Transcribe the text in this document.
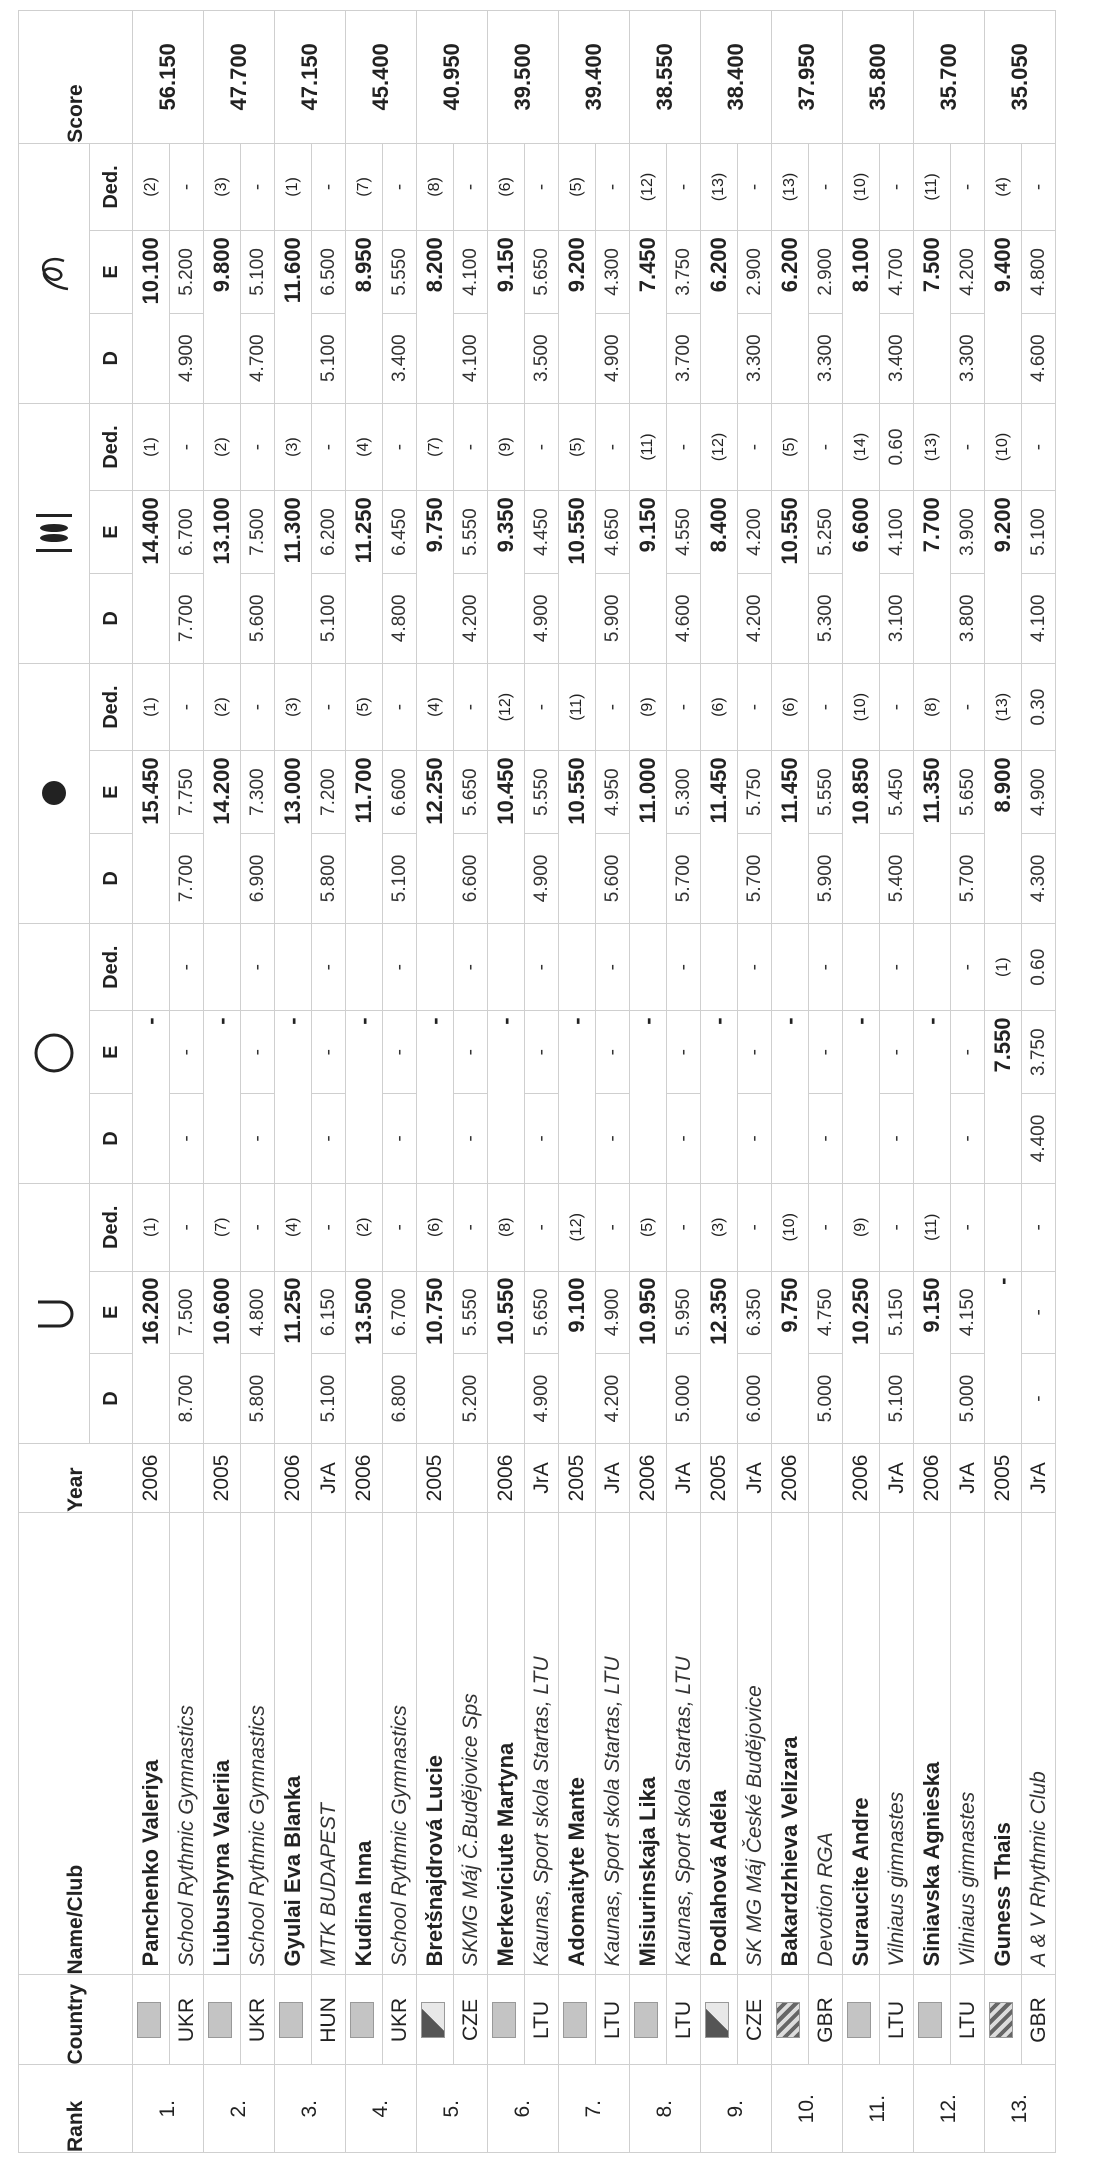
Rank	Country	Name/Club	Year																Score
				D	E	Ded.	D	E	Ded.	D	E	Ded.	D	E	Ded.	D	E	Ded.	
1.		Panchenko Valeriya	2006	16.200		(1)	-			15.450		(1)	14.400		(1)	10.100		(2)	56.150
	UKR	School Rythmic Gymnastics		8.700	7.500	-	-	-	-	7.700	7.750	-	7.700	6.700	-	4.900	5.200	-	
2.		Liubushyna Valeriia	2005	10.600		(7)	-			14.200		(2)	13.100		(2)	9.800		(3)	47.700
	UKR	School Rythmic Gymnastics		5.800	4.800	-	-	-	-	6.900	7.300	-	5.600	7.500	-	4.700	5.100	-	
3.		Gyulai Eva Blanka	2006	11.250		(4)	-			13.000		(3)	11.300		(3)	11.600		(1)	47.150
	HUN	MTK BUDAPEST	JrA	5.100	6.150	-	-	-	-	5.800	7.200	-	5.100	6.200	-	5.100	6.500	-	
4.		Kudina Inna	2006	13.500		(2)	-			11.700		(5)	11.250		(4)	8.950		(7)	45.400
	UKR	School Rythmic Gymnastics		6.800	6.700	-	-	-	-	5.100	6.600	-	4.800	6.450	-	3.400	5.550	-	
5.		Bretšnajdrová Lucie	2005	10.750		(6)	-			12.250		(4)	9.750		(7)	8.200		(8)	40.950
	CZE	SKMG Máj Č.Budějovice Sps		5.200	5.550	-	-	-	-	6.600	5.650	-	4.200	5.550	-	4.100	4.100	-	
6.		Merkeviciute Martyna	2006	10.550		(8)	-			10.450		(12)	9.350		(9)	9.150		(6)	39.500
	LTU	Kaunas, Sport skola Startas, LTU	JrA	4.900	5.650	-	-	-	-	4.900	5.550	-	4.900	4.450	-	3.500	5.650	-	
7.		Adomaityte Mante	2005	9.100		(12)	-			10.550		(11)	10.550		(5)	9.200		(5)	39.400
	LTU	Kaunas, Sport skola Startas, LTU	JrA	4.200	4.900	-	-	-	-	5.600	4.950	-	5.900	4.650	-	4.900	4.300	-	
8.		Misiurinskaja Lika	2006	10.950		(5)	-			11.000		(9)	9.150		(11)	7.450		(12)	38.550
	LTU	Kaunas, Sport skola Startas, LTU	JrA	5.000	5.950	-	-	-	-	5.700	5.300	-	4.600	4.550	-	3.700	3.750	-	
9.		Podlahová Adéla	2005	12.350		(3)	-			11.450		(6)	8.400		(12)	6.200		(13)	38.400
	CZE	SK MG Máj České Budějovice	JrA	6.000	6.350	-	-	-	-	5.700	5.750	-	4.200	4.200	-	3.300	2.900	-	
10.		Bakardzhieva Velizara	2006	9.750		(10)	-			11.450		(6)	10.550		(5)	6.200		(13)	37.950
	GBR	Devotion RGA		5.000	4.750	-	-	-	-	5.900	5.550	-	5.300	5.250	-	3.300	2.900	-	
11.		Suraucite Andre	2006	10.250		(9)	-			10.850		(10)	6.600		(14)	8.100		(10)	35.800
	LTU	Vilniaus gimnastes	JrA	5.100	5.150	-	-	-	-	5.400	5.450	-	3.100	4.100	0.60	3.400	4.700	-	
12.		Siniavska Agnieska	2006	9.150		(11)	-			11.350		(8)	7.700		(13)	7.500		(11)	35.700
	LTU	Vilniaus gimnastes	JrA	5.000	4.150	-	-	-	-	5.700	5.650	-	3.800	3.900	-	3.300	4.200	-	
13.		Guness Thais	2005	-			7.550		(1)	8.900		(13)	9.200		(10)	9.400		(4)	35.050
	GBR	A & V Rhythmic Club	JrA	-	-	-	4.400	3.750	0.60	4.300	4.900	0.30	4.100	5.100	-	4.600	4.800	-	
